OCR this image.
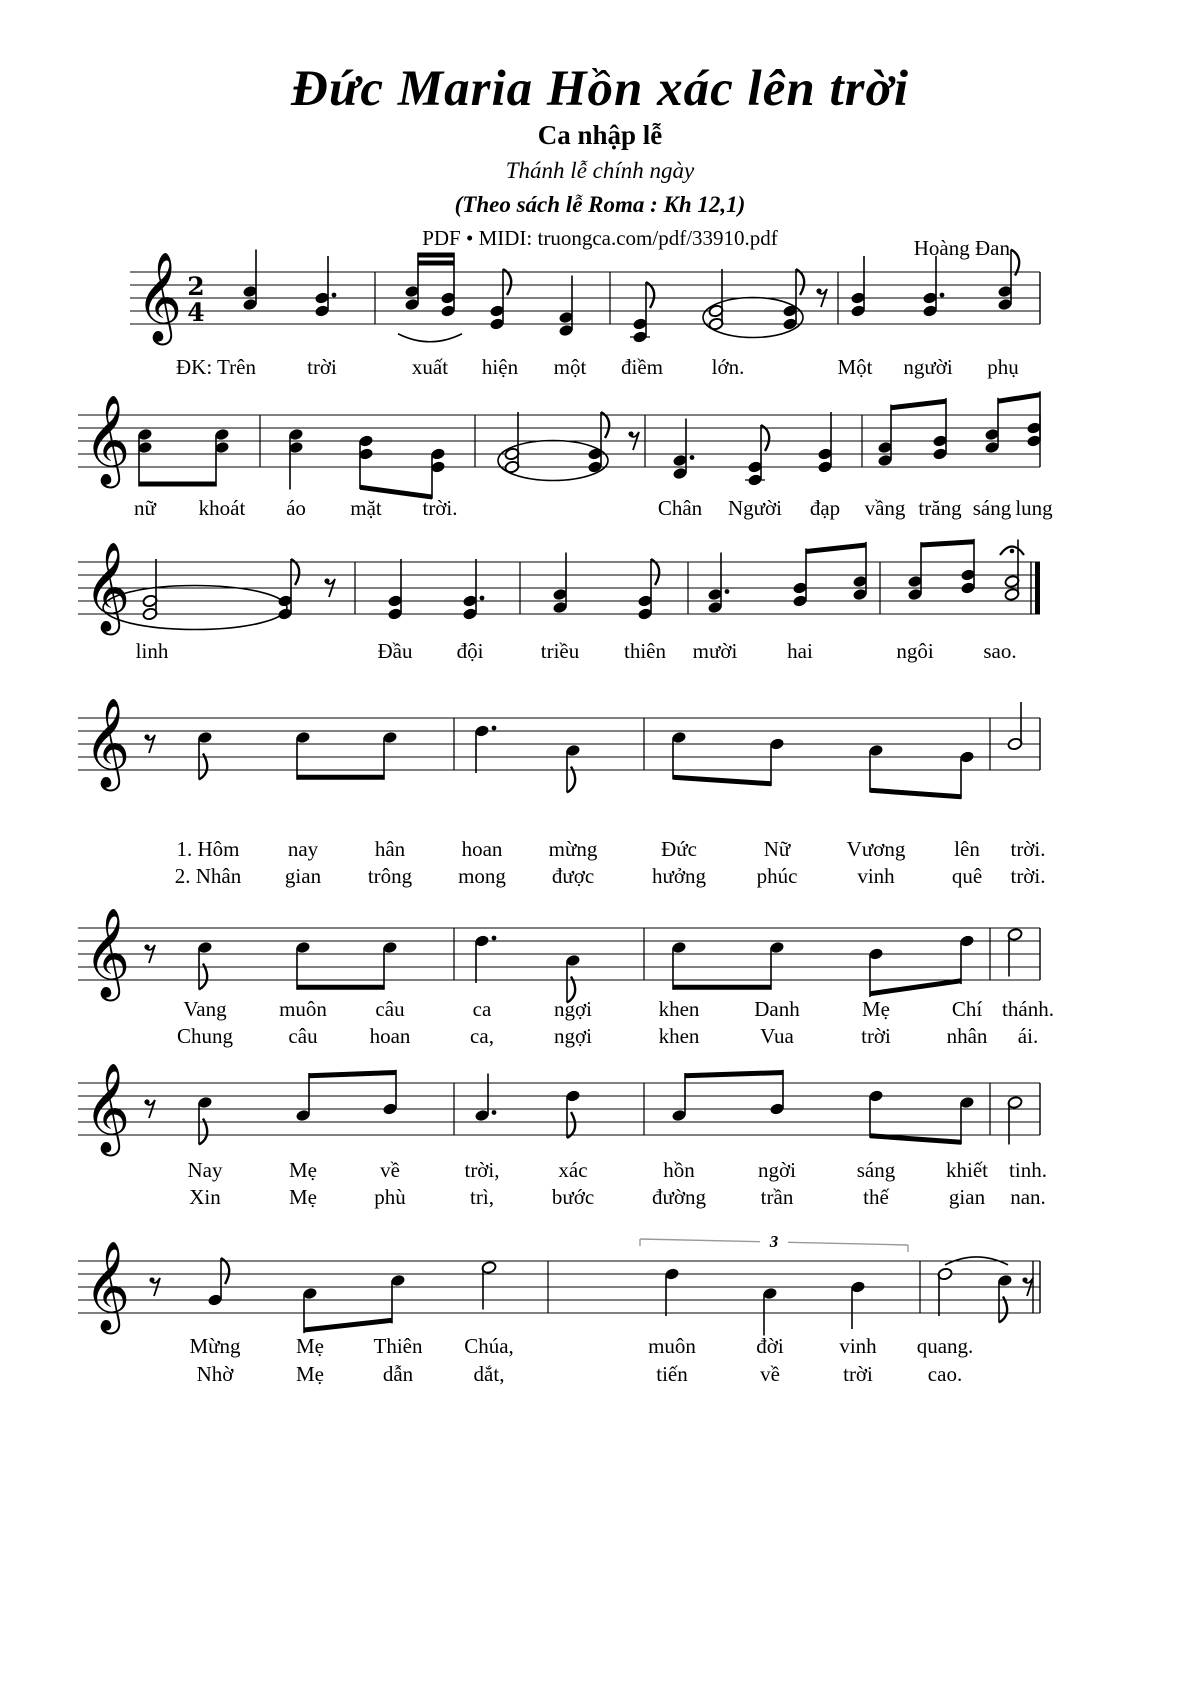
Đức Maria Hồn xác lên trời
Ca nhập lễ
Thánh lễ chính ngày
(Theo sách lễ Roma : Kh 12,1)
PDF • MIDI: truongca.com/pdf/33910.pdf	Hoàng Đan
𝄞 2
4
ĐK: Trên trời	xuất hiện một điềm lớn.	Một người phụ
𝄞
nữ khoát áo mặt trời.	Chân Người đạp vầng trăng sáng lung
𝄞
linh	Đầu đội	triều thiên mười hai	ngôi sao.
𝄞
1. Hôm nay	hân	hoan mừng	Đức	Nữ	Vương lên trời.
2. Nhân gian trông mong được	hưởng phúc	vinh	quê trời.
𝄞
Vang muôn câu	ca	ngợi	khen	Danh	Mẹ	Chí thánh.
Chung	câu hoan	ca,	ngợi	khen	Vua	trời	nhân ái.
𝄞
Nay	Mẹ	về	trời,	xác	hồn	ngời	sáng khiết tinh.
Xin	Mẹ	phù	trì,	bước	đường	trần	thế	gian nan.
𝄞	3
Mừng	Mẹ Thiên Chúa,	muôn	đời	vinh quang.
Nhờ	Mẹ	dẫn	dắt,	tiến	về	trời	cao.
